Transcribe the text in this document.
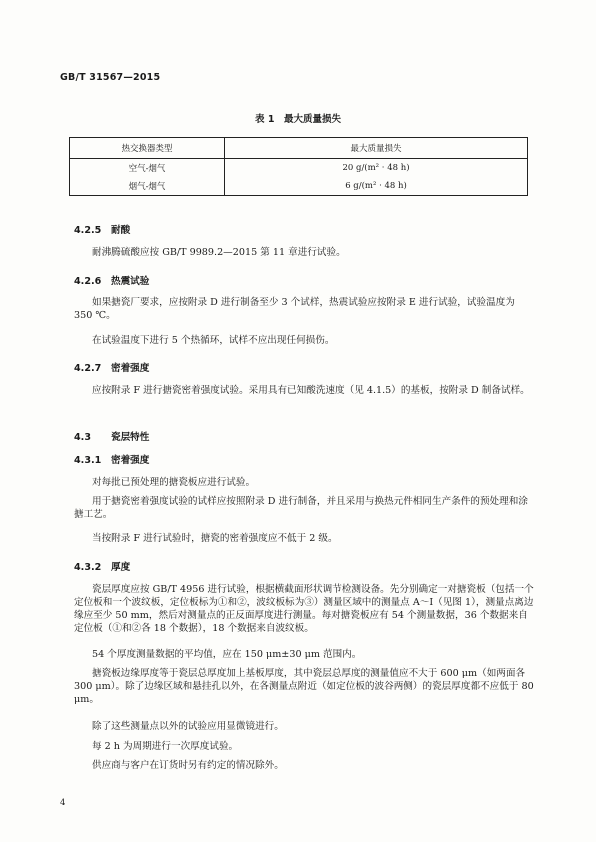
GB/T 31567—2015
表 1　最大质量损失
热交换器类型	最大质量损失
空气-烟气	20 g/(m² · 48 h)
烟气-烟气	6 g/(m² · 48 h)
4.2.5 耐酸
耐沸腾硫酸应按 GB/T 9989.2—2015 第 11 章进行试验。
4.2.6 热震试验
如果搪瓷厂要求，应按附录 D 进行制备至少 3 个试样，热震试验应按附录 E 进行试验，试验温度为 350 ℃。
在试验温度下进行 5 个热循环，试样不应出现任何损伤。
4.2.7 密着强度
应按附录 F 进行搪瓷密着强度试验。采用具有已知酸洗速度（见 4.1.5）的基板，按附录 D 制备试样。
4.3 瓷层特性
4.3.1 密着强度
对每批已预处理的搪瓷板应进行试验。
用于搪瓷密着强度试验的试样应按照附录 D 进行制备，并且采用与换热元件相同生产条件的预处理和涂搪工艺。
当按附录 F 进行试验时，搪瓷的密着强度应不低于 2 级。
4.3.2 厚度
瓷层厚度应按 GB/T 4956 进行试验，根据横截面形状调节检测设备。先分别确定一对搪瓷板（包括一个定位板和一个波纹板，定位板标为①和②，波纹板标为③）测量区域中的测量点 A～I（见图 1），测量点离边缘应至少 50 mm，然后对测量点的正反面厚度进行测量。每对搪瓷板应有 54 个测量数据，36 个数据来自定位板（①和②各 18 个数据），18 个数据来自波纹板。
54 个厚度测量数据的平均值，应在 150 μm±30 μm 范围内。
搪瓷板边缘厚度等于瓷层总厚度加上基板厚度，其中瓷层总厚度的测量值应不大于 600 μm（如两面各 300 μm）。除了边缘区域和悬挂孔以外，在各测量点附近（如定位板的波谷两侧）的瓷层厚度都不应低于 80 μm。
除了这些测量点以外的试验应用显微镜进行。
每 2 h 为周期进行一次厚度试验。
供应商与客户在订货时另有约定的情况除外。
4
